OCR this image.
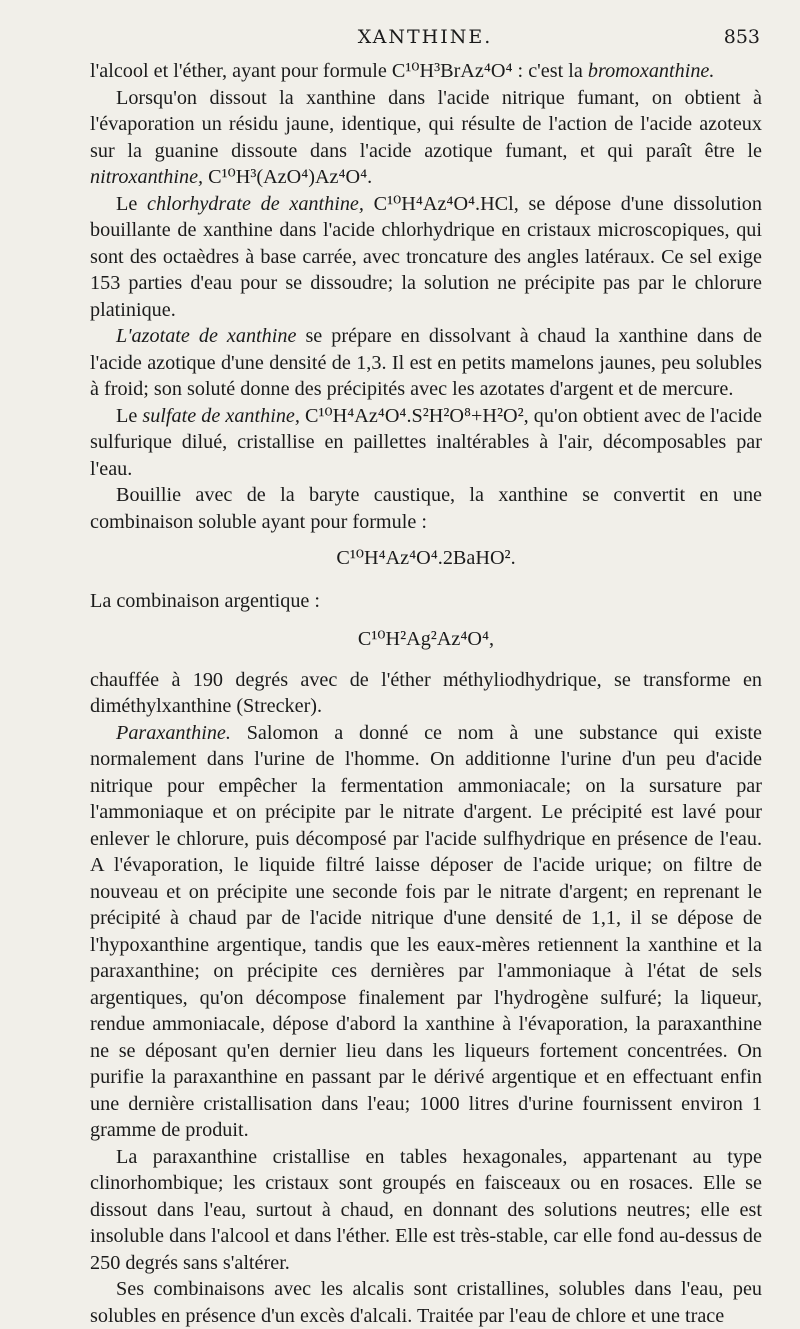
XANTHINE.	853

l'alcool et l'éther, ayant pour formule C¹⁰H³BrAz⁴O⁴ : c'est la bromoxanthine.

Lorsqu'on dissout la xanthine dans l'acide nitrique fumant, on obtient à l'évaporation un résidu jaune, identique, qui résulte de l'action de l'acide azoteux sur la guanine dissoute dans l'acide azotique fumant, et qui paraît être le nitroxanthine, C¹⁰H³(AzO⁴)Az⁴O⁴.

Le chlorhydrate de xanthine, C¹⁰H⁴Az⁴O⁴.HCl, se dépose d'une dissolution bouillante de xanthine dans l'acide chlorhydrique en cristaux microscopiques, qui sont des octaèdres à base carrée, avec troncature des angles latéraux. Ce sel exige 153 parties d'eau pour se dissoudre; la solution ne précipite pas par le chlorure platinique.

L'azotate de xanthine se prépare en dissolvant à chaud la xanthine dans de l'acide azotique d'une densité de 1,3. Il est en petits mamelons jaunes, peu solubles à froid; son soluté donne des précipités avec les azotates d'argent et de mercure.

Le sulfate de xanthine, C¹⁰H⁴Az⁴O⁴.S²H²O⁸+H²O², qu'on obtient avec de l'acide sulfurique dilué, cristallise en paillettes inaltérables à l'air, décomposables par l'eau.

Bouillie avec de la baryte caustique, la xanthine se convertit en une combinaison soluble ayant pour formule :

C¹⁰H⁴Az⁴O⁴.2BaHO².

La combinaison argentique :

C¹⁰H²Ag²Az⁴O⁴,

chauffée à 190 degrés avec de l'éther méthyliodhydrique, se transforme en diméthylxanthine (Strecker).

Paraxanthine. Salomon a donné ce nom à une substance qui existe normalement dans l'urine de l'homme. On additionne l'urine d'un peu d'acide nitrique pour empêcher la fermentation ammoniacale; on la sursature par l'ammoniaque et on précipite par le nitrate d'argent. Le précipité est lavé pour enlever le chlorure, puis décomposé par l'acide sulfhydrique en présence de l'eau. A l'évaporation, le liquide filtré laisse déposer de l'acide urique; on filtre de nouveau et on précipite une seconde fois par le nitrate d'argent; en reprenant le précipité à chaud par de l'acide nitrique d'une densité de 1,1, il se dépose de l'hypoxanthine argentique, tandis que les eaux-mères retiennent la xanthine et la paraxanthine; on précipite ces dernières par l'ammoniaque à l'état de sels argentiques, qu'on décompose finalement par l'hydrogène sulfuré; la liqueur, rendue ammoniacale, dépose d'abord la xanthine à l'évaporation, la paraxanthine ne se déposant qu'en dernier lieu dans les liqueurs fortement concentrées. On purifie la paraxanthine en passant par le dérivé argentique et en effectuant enfin une dernière cristallisation dans l'eau; 1000 litres d'urine fournissent environ 1 gramme de produit.

La paraxanthine cristallise en tables hexagonales, appartenant au type clinorhombique; les cristaux sont groupés en faisceaux ou en rosaces. Elle se dissout dans l'eau, surtout à chaud, en donnant des solutions neutres; elle est insoluble dans l'alcool et dans l'éther. Elle est très-stable, car elle fond au-dessus de 250 degrés sans s'altérer.

Ses combinaisons avec les alcalis sont cristallines, solubles dans l'eau, peu solubles en présence d'un excès d'alcali. Traitée par l'eau de chlore et une trace
